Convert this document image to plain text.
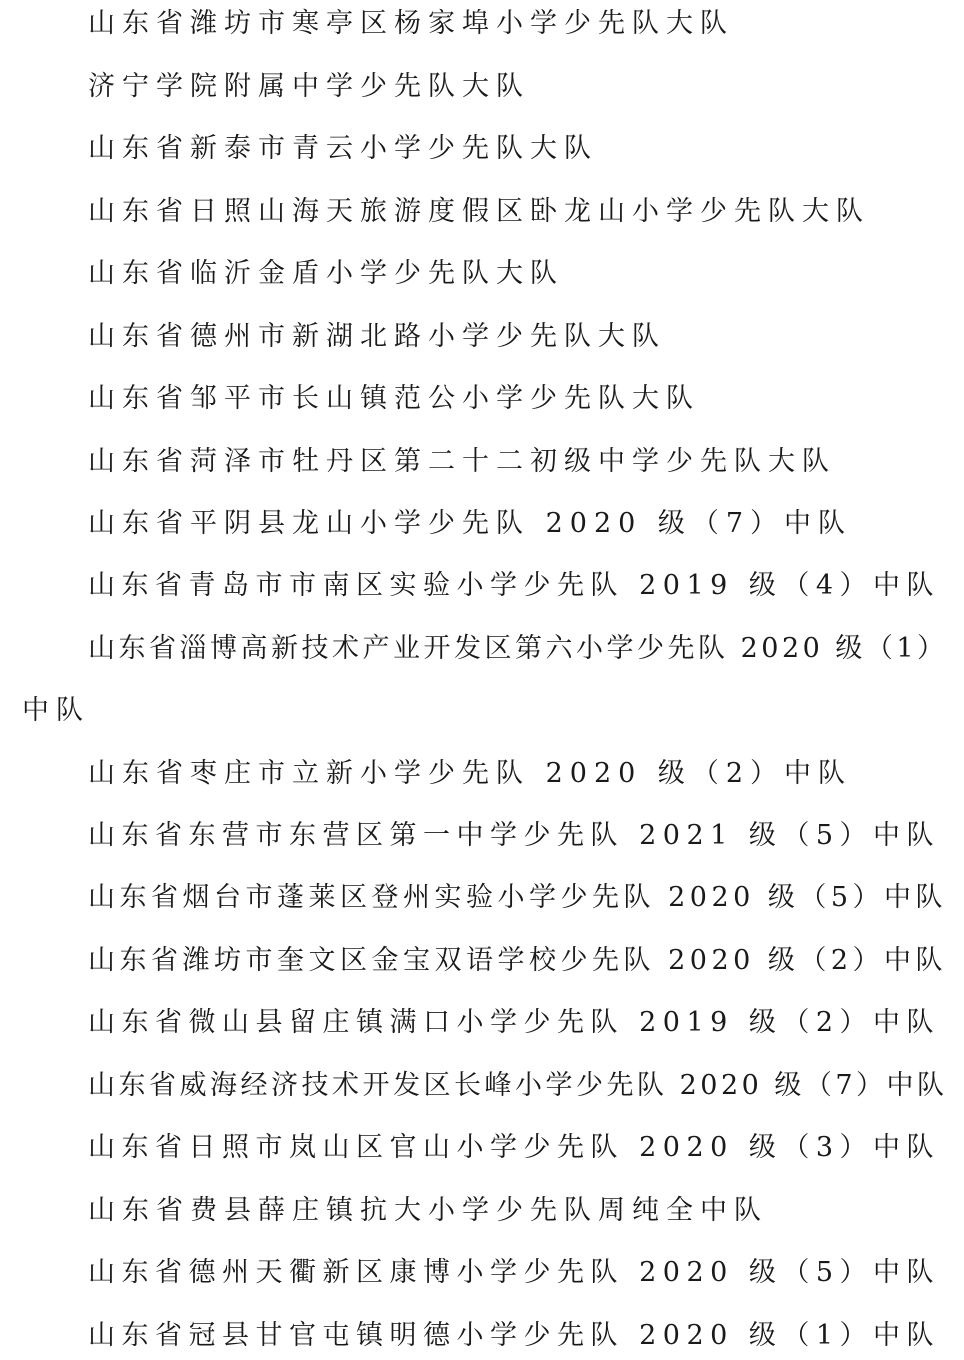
山东省潍坊市寒亭区杨家埠小学少先队大队
济宁学院附属中学少先队大队
山东省新泰市青云小学少先队大队
山东省日照山海天旅游度假区卧龙山小学少先队大队
山东省临沂金盾小学少先队大队
山东省德州市新湖北路小学少先队大队
山东省邹平市长山镇范公小学少先队大队
山东省菏泽市牡丹区第二十二初级中学少先队大队
山东省平阴县龙山小学少先队 2020 级（7）中队
山东省青岛市市南区实验小学少先队 2019 级（4）中队
山东省淄博高新技术产业开发区第六小学少先队 2020 级（1）
中队
山东省枣庄市立新小学少先队 2020 级（2）中队
山东省东营市东营区第一中学少先队 2021 级（5）中队
山东省烟台市蓬莱区登州实验小学少先队 2020 级（5）中队
山东省潍坊市奎文区金宝双语学校少先队 2020 级（2）中队
山东省微山县留庄镇满口小学少先队 2019 级（2）中队
山东省威海经济技术开发区长峰小学少先队 2020 级（7）中队
山东省日照市岚山区官山小学少先队 2020 级（3）中队
山东省费县薛庄镇抗大小学少先队周纯全中队
山东省德州天衢新区康博小学少先队 2020 级（5）中队
山东省冠县甘官屯镇明德小学少先队 2020 级（1）中队
